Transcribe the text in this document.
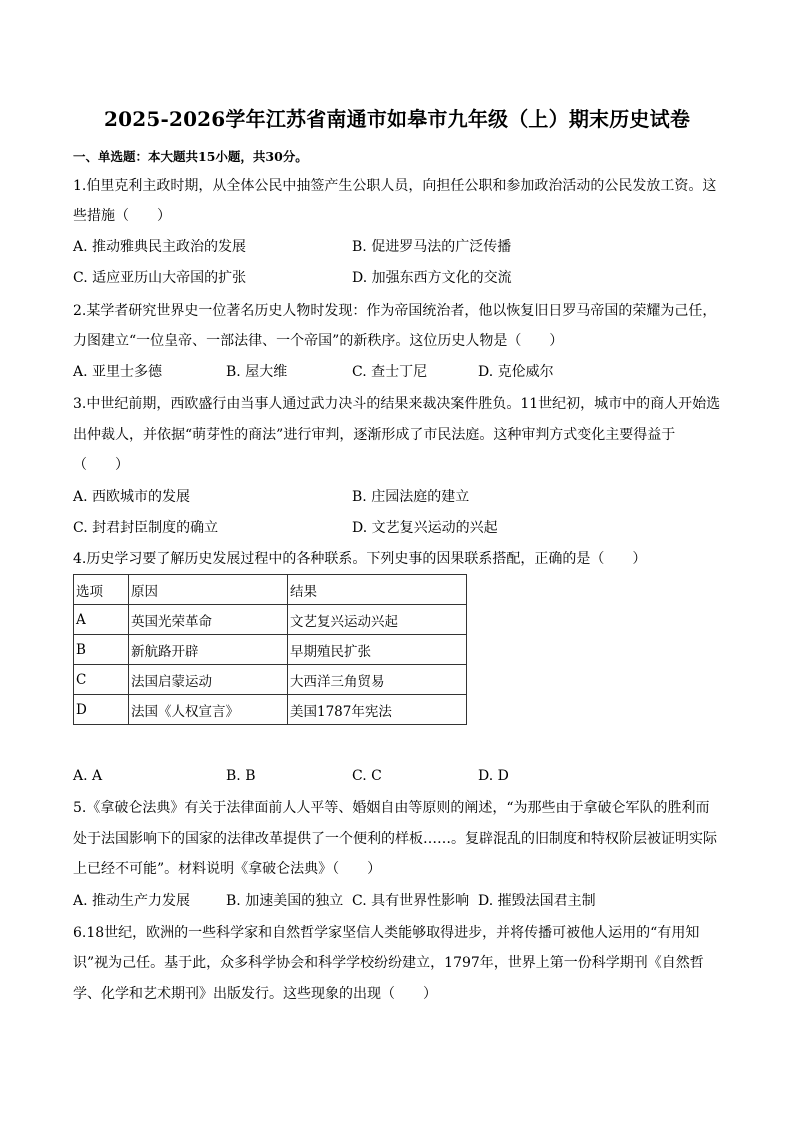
2025-2026学年江苏省南通市如皋市九年级（上）期末历史试卷
一、单选题：本大题共15小题，共30分。
1.伯里克利主政时期，从全体公民中抽签产生公职人员，向担任公职和参加政治活动的公民发放工资。这
些措施（　　）
A. 推动雅典民主政治的发展	B. 促进罗马法的广泛传播
C. 适应亚历山大帝国的扩张	D. 加强东西方文化的交流
2.某学者研究世界史一位著名历史人物时发现：作为帝国统治者，他以恢复旧日罗马帝国的荣耀为己任，
力图建立“一位皇帝、一部法律、一个帝国”的新秩序。这位历史人物是（　　）
A. 亚里士多德	B. 屋大维	C. 查士丁尼	D. 克伦威尔
3.中世纪前期，西欧盛行由当事人通过武力决斗的结果来裁决案件胜负。11世纪初，城市中的商人开始选
出仲裁人，并依据“萌芽性的商法”进行审判，逐渐形成了市民法庭。这种审判方式变化主要得益于
（　　）
A. 西欧城市的发展	B. 庄园法庭的建立
C. 封君封臣制度的确立	D. 文艺复兴运动的兴起
4.历史学习要了解历史发展过程中的各种联系。下列史事的因果联系搭配，正确的是（　　）
选项	原因	结果
A	英国光荣革命	文艺复兴运动兴起
B	新航路开辟	早期殖民扩张
C	法国启蒙运动	大西洋三角贸易
D	法国《人权宣言》	美国1787年宪法
A. A	B. B	C. C	D. D
5.《拿破仑法典》有关于法律面前人人平等、婚姻自由等原则的阐述，“为那些由于拿破仑军队的胜利而
处于法国影响下的国家的法律改革提供了一个便利的样板……。复辟混乱的旧制度和特权阶层被证明实际
上已经不可能”。材料说明《拿破仑法典》（　　）
A. 推动生产力发展	B. 加速美国的独立 C. 具有世界性影响 D. 摧毁法国君主制
6.18世纪，欧洲的一些科学家和自然哲学家坚信人类能够取得进步，并将传播可被他人运用的“有用知
识”视为己任。基于此，众多科学协会和科学学校纷纷建立，1797年，世界上第一份科学期刊《自然哲
学、化学和艺术期刊》出版发行。这些现象的出现（　　）
